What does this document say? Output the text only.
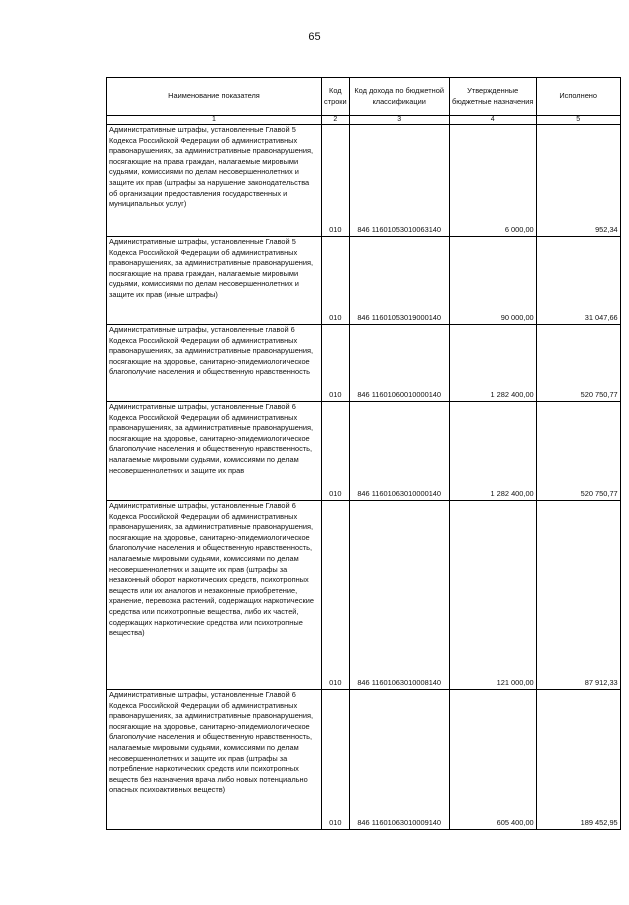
65
Наименование показателя	Код строки	Код дохода по бюджетной классификации	Утвержденные бюджетные назначения	Исполнено
1	2	3	4	5
Административные штрафы, установленные Главой 5 Кодекса Российской Федерации об административных правонарушениях, за административные правонарушения, посягающие на права граждан, налагаемые мировыми судьями, комиссиями по делам несовершеннолетних и защите их прав (штрафы за нарушение законодательства об организации предоставления государственных и муниципальных услуг)	010	846 11601053010063140	6 000,00	952,34
Административные штрафы, установленные Главой 5 Кодекса Российской Федерации об административных правонарушениях, за административные правонарушения, посягающие на права граждан, налагаемые мировыми судьями, комиссиями по делам несовершеннолетних и защите их прав (иные штрафы)	010	846 11601053019000140	90 000,00	31 047,66
Административные штрафы, установленные главой 6 Кодекса Российской Федерации об административных правонарушениях, за административные правонарушения, посягающие на здоровье, санитарно-эпидемиологическое благополучие населения и общественную нравственность	010	846 11601060010000140	1 282 400,00	520 750,77
Административные штрафы, установленные Главой 6 Кодекса Российской Федерации об административных правонарушениях, за административные правонарушения, посягающие на здоровье, санитарно-эпидемиологическое благополучие населения и общественную нравственность, налагаемые мировыми судьями, комиссиями по делам несовершеннолетних и защите их прав	010	846 11601063010000140	1 282 400,00	520 750,77
Административные штрафы, установленные Главой 6 Кодекса Российской Федерации об административных правонарушениях, за административные правонарушения, посягающие на здоровье, санитарно-эпидемиологическое благополучие населения и общественную нравственность, налагаемые мировыми судьями, комиссиями по делам несовершеннолетних и защите их прав (штрафы за незаконный оборот наркотических средств, психотропных веществ или их аналогов и незаконные приобретение, хранение, перевозка растений, содержащих наркотические средства или психотропные вещества, либо их частей, содержащих наркотические средства или психотропные вещества)	010	846 11601063010008140	121 000,00	87 912,33
Административные штрафы, установленные Главой 6 Кодекса Российской Федерации об административных правонарушениях, за административные правонарушения, посягающие на здоровье, санитарно-эпидемиологическое благополучие населения и общественную нравственность, налагаемые мировыми судьями, комиссиями по делам несовершеннолетних и защите их прав (штрафы за потребление наркотических средств или психотропных веществ без назначения врача либо новых потенциально опасных психоактивных веществ)	010	846 11601063010009140	605 400,00	189 452,95
